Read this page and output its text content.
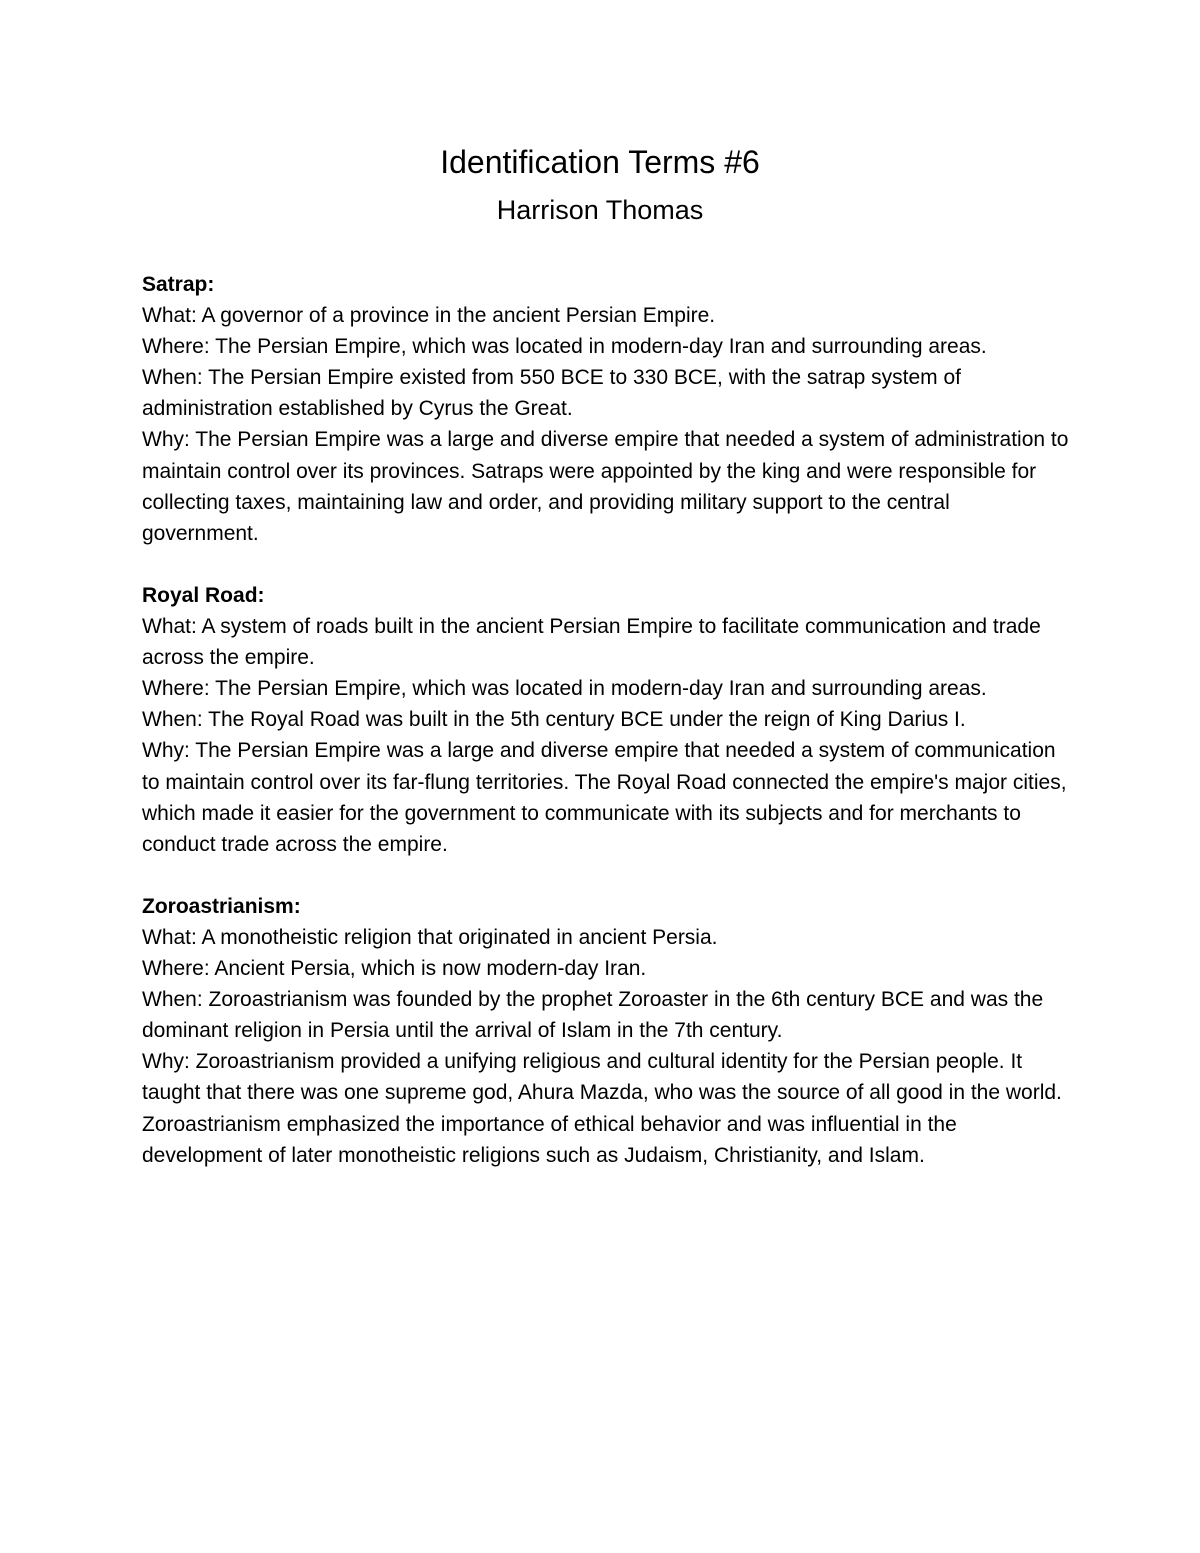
Identification Terms #6
Harrison Thomas
Satrap:
What: A governor of a province in the ancient Persian Empire.
Where: The Persian Empire, which was located in modern-day Iran and surrounding areas.
When: The Persian Empire existed from 550 BCE to 330 BCE, with the satrap system of administration established by Cyrus the Great.
Why: The Persian Empire was a large and diverse empire that needed a system of administration to maintain control over its provinces. Satraps were appointed by the king and were responsible for collecting taxes, maintaining law and order, and providing military support to the central government.
Royal Road:
What: A system of roads built in the ancient Persian Empire to facilitate communication and trade across the empire.
Where: The Persian Empire, which was located in modern-day Iran and surrounding areas.
When: The Royal Road was built in the 5th century BCE under the reign of King Darius I.
Why: The Persian Empire was a large and diverse empire that needed a system of communication to maintain control over its far-flung territories. The Royal Road connected the empire's major cities, which made it easier for the government to communicate with its subjects and for merchants to conduct trade across the empire.
Zoroastrianism:
What: A monotheistic religion that originated in ancient Persia.
Where: Ancient Persia, which is now modern-day Iran.
When: Zoroastrianism was founded by the prophet Zoroaster in the 6th century BCE and was the dominant religion in Persia until the arrival of Islam in the 7th century.
Why: Zoroastrianism provided a unifying religious and cultural identity for the Persian people. It taught that there was one supreme god, Ahura Mazda, who was the source of all good in the world. Zoroastrianism emphasized the importance of ethical behavior and was influential in the development of later monotheistic religions such as Judaism, Christianity, and Islam.
